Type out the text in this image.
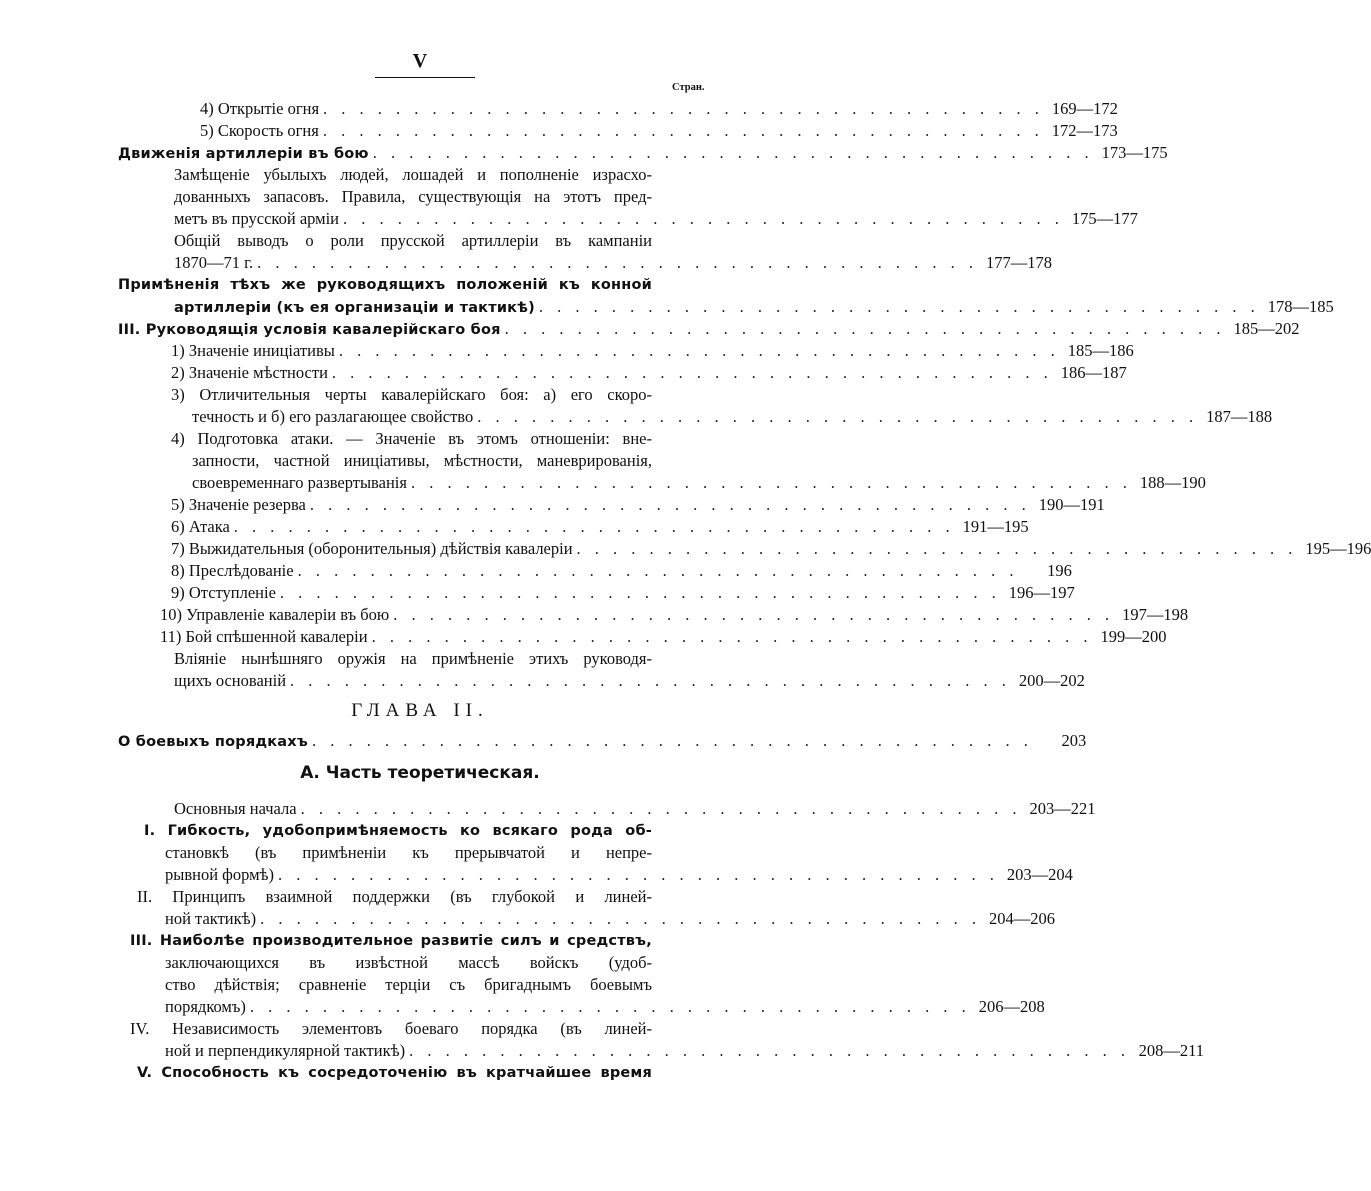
V
Стран.
4) Открытіе огня . . . . . . . . . . . . . . . . . . . . . . . . . . . . . . . . . . . . . . . . 169—172
5) Скорость огня . . . . . . . . . . . . . . . . . . . . . . . . . . . . . . . . . . . . . . . . 172—173
Движенія артиллеріи въ бою . . . . . . . . . . . . . . . . . . . . . . . . . . . . . . . . . . . . . . . . 173—175
Замѣщеніе убылыхъ людей, лошадей и пополненіе израсхо-
дованныхъ запасовъ. Правила, существующія на этотъ пред-
метъ въ прусской арміи . . . . . . . . . . . . . . . . . . . . . . . . . . . . . . . . . . . . . . . . 175—177
Общій выводъ о роли прусской артиллеріи въ кампаніи
1870—71 г. . . . . . . . . . . . . . . . . . . . . . . . . . . . . . . . . . . . . . . . . 177—178
Примѣненія тѣхъ же руководящихъ положеній къ конной
артиллеріи (къ ея организаціи и тактикѣ) . . . . . . . . . . . . . . . . . . . . . . . . . . . . . . . . . . . . . . . . 178—185
III. Руководящія условія кавалерійскаго боя . . . . . . . . . . . . . . . . . . . . . . . . . . . . . . . . . . . . . . . . 185—202
1) Значеніе иниціативы . . . . . . . . . . . . . . . . . . . . . . . . . . . . . . . . . . . . . . . . 185—186
2) Значеніе мѣстности . . . . . . . . . . . . . . . . . . . . . . . . . . . . . . . . . . . . . . . . 186—187
3) Отличительныя черты кавалерійскаго боя: а) его скоро-
течность и б) его разлагающее свойство . . . . . . . . . . . . . . . . . . . . . . . . . . . . . . . . . . . . . . . . 187—188
4) Подготовка атаки. — Значеніе въ этомъ отношеніи: вне-
запности, частной иниціативы, мѣстности, маневрированія,
своевременнаго развертыванія . . . . . . . . . . . . . . . . . . . . . . . . . . . . . . . . . . . . . . . . 188—190
5) Значеніе резерва . . . . . . . . . . . . . . . . . . . . . . . . . . . . . . . . . . . . . . . . 190—191
6) Атака . . . . . . . . . . . . . . . . . . . . . . . . . . . . . . . . . . . . . . . . 191—195
7) Выжидательныя (оборонительныя) дѣйствія кавалеріи . . . . . . . . . . . . . . . . . . . . . . . . . . . . . . . . . . . . . . . . 195—196
8) Преслѣдованіе . . . . . . . . . . . . . . . . . . . . . . . . . . . . . . . . . . . . . . . .	196
9) Отступленіе . . . . . . . . . . . . . . . . . . . . . . . . . . . . . . . . . . . . . . . . 196—197
10) Управленіе кавалеріи въ бою . . . . . . . . . . . . . . . . . . . . . . . . . . . . . . . . . . . . . . . . 197—198
11) Бой спѣшенной кавалеріи . . . . . . . . . . . . . . . . . . . . . . . . . . . . . . . . . . . . . . . . 199—200
Вліяніе нынѣшняго оружія на примѣненіе этихъ руководя-
щихъ основаній . . . . . . . . . . . . . . . . . . . . . . . . . . . . . . . . . . . . . . . . 200—202
ГЛАВА II.
О боевыхъ порядкахъ . . . . . . . . . . . . . . . . . . . . . . . . . . . . . . . . . . . . . . . .	203
А. Часть теоретическая.
Основныя начала . . . . . . . . . . . . . . . . . . . . . . . . . . . . . . . . . . . . . . . . 203—221
I. Гибкость, удобопримѣняемость ко всякаго рода об-
становкѣ (въ примѣненіи къ прерывчатой и непре-
рывной формѣ) . . . . . . . . . . . . . . . . . . . . . . . . . . . . . . . . . . . . . . . . 203—204
II. Принципъ взаимной поддержки (въ глубокой и линей-
ной тактикѣ) . . . . . . . . . . . . . . . . . . . . . . . . . . . . . . . . . . . . . . . . 204—206
III. Наиболѣе производительное развитіе силъ и средствъ,
заключающихся въ извѣстной массѣ войскъ (удоб-
ство дѣйствія; сравненіе терціи съ бригаднымъ боевымъ
порядкомъ) . . . . . . . . . . . . . . . . . . . . . . . . . . . . . . . . . . . . . . . . 206—208
IV. Независимость элементовъ боеваго порядка (въ линей-
ной и перпендикулярной тактикѣ) . . . . . . . . . . . . . . . . . . . . . . . . . . . . . . . . . . . . . . . . 208—211
V. Способность къ сосредоточенію въ кратчайшее время
